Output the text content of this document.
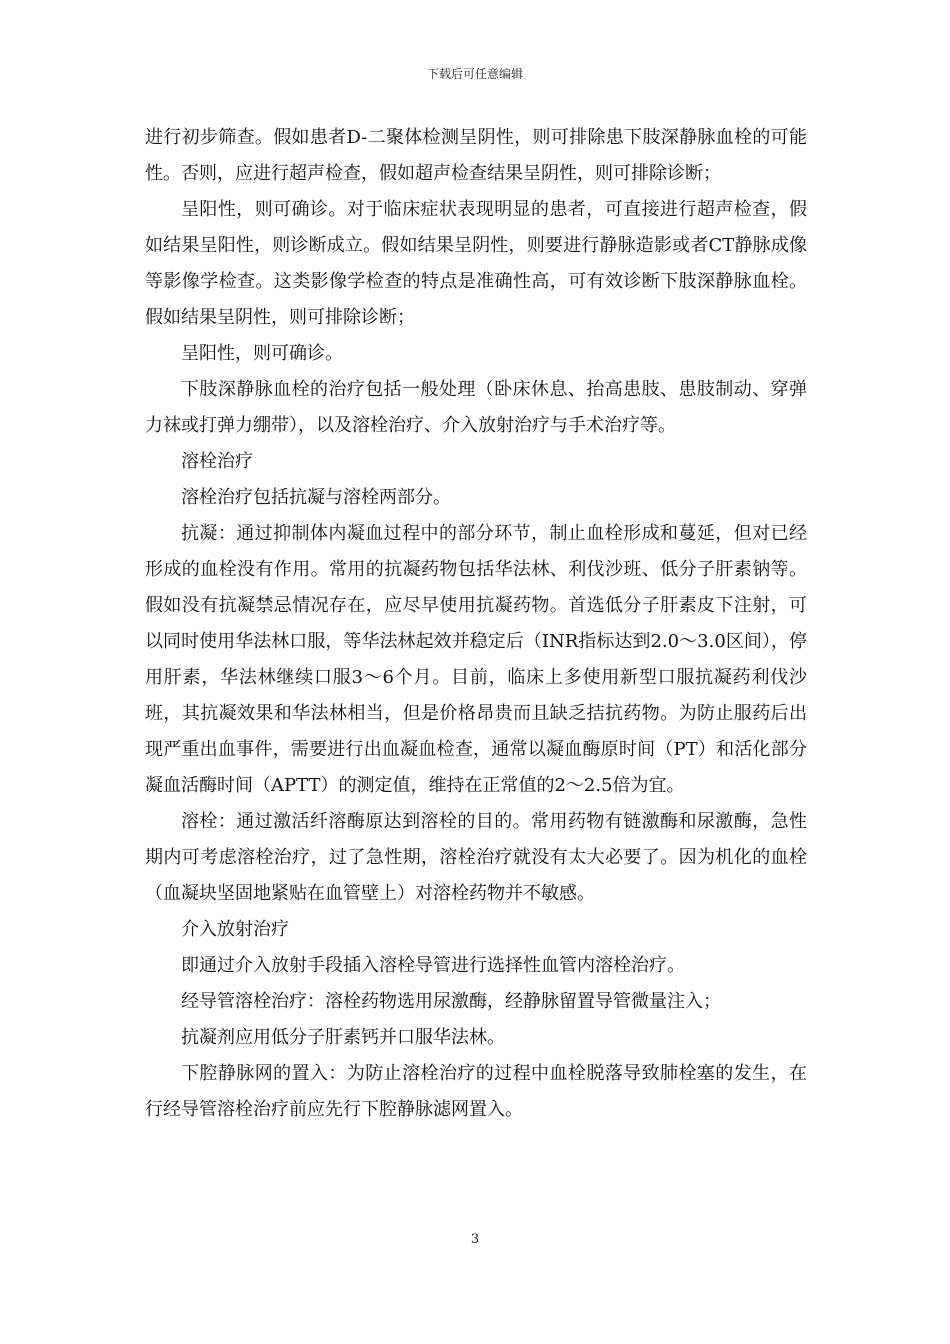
下载后可任意编辑

进行初步筛查。假如患者D-二聚体检测呈阴性，则可排除患下肢深静脉血栓的可能性。否则，应进行超声检查，假如超声检查结果呈阴性，则可排除诊断；

呈阳性，则可确诊。对于临床症状表现明显的患者，可直接进行超声检查，假如结果呈阳性，则诊断成立。假如结果呈阴性，则要进行静脉造影或者CT静脉成像等影像学检查。这类影像学检查的特点是准确性高，可有效诊断下肢深静脉血栓。假如结果呈阴性，则可排除诊断；

呈阳性，则可确诊。

下肢深静脉血栓的治疗包括一般处理（卧床休息、抬高患肢、患肢制动、穿弹力袜或打弹力绷带），以及溶栓治疗、介入放射治疗与手术治疗等。

溶栓治疗

溶栓治疗包括抗凝与溶栓两部分。

抗凝：通过抑制体内凝血过程中的部分环节，制止血栓形成和蔓延，但对已经形成的血栓没有作用。常用的抗凝药物包括华法林、利伐沙班、低分子肝素钠等。假如没有抗凝禁忌情况存在，应尽早使用抗凝药物。首选低分子肝素皮下注射，可以同时使用华法林口服，等华法林起效并稳定后（INR指标达到2.0～3.0区间），停用肝素，华法林继续口服3～6个月。目前，临床上多使用新型口服抗凝药利伐沙班，其抗凝效果和华法林相当，但是价格昂贵而且缺乏拮抗药物。为防止服药后出现严重出血事件，需要进行出血凝血检查，通常以凝血酶原时间（PT）和活化部分凝血活酶时间（APTT）的测定值，维持在正常值的2～2.5倍为宜。

溶栓：通过激活纤溶酶原达到溶栓的目的。常用药物有链激酶和尿激酶，急性期内可考虑溶栓治疗，过了急性期，溶栓治疗就没有太大必要了。因为机化的血栓（血凝块坚固地紧贴在血管壁上）对溶栓药物并不敏感。

介入放射治疗

即通过介入放射手段插入溶栓导管进行选择性血管内溶栓治疗。

经导管溶栓治疗：溶栓药物选用尿激酶，经静脉留置导管微量注入；

抗凝剂应用低分子肝素钙并口服华法林。

下腔静脉网的置入：为防止溶栓治疗的过程中血栓脱落导致肺栓塞的发生，在行经导管溶栓治疗前应先行下腔静脉滤网置入。

3
